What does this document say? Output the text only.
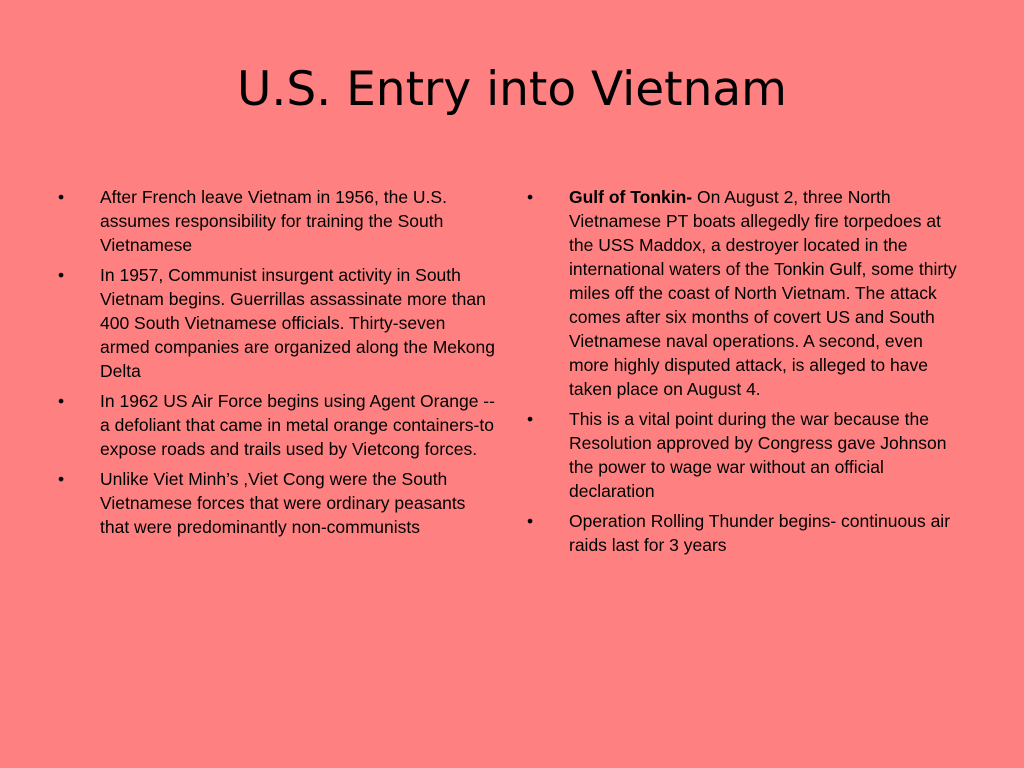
U.S. Entry into Vietnam
•	After French leave Vietnam in 1956, the U.S. assumes responsibility for training the South Vietnamese
•	In 1957, Communist insurgent activity in South Vietnam begins. Guerrillas assassinate more than 400 South Vietnamese officials. Thirty-seven armed companies are organized along the Mekong Delta
•	In 1962 US Air Force begins using Agent Orange -- a defoliant that came in metal orange containers-to expose roads and trails used by Vietcong forces.
•	Unlike Viet Minh’s ,Viet Cong were the South Vietnamese forces that were ordinary peasants that were predominantly non-communists
•	Gulf of Tonkin- On August 2, three North Vietnamese PT boats allegedly fire torpedoes at the USS Maddox, a destroyer located in the international waters of the Tonkin Gulf, some thirty miles off the coast of North Vietnam. The attack comes after six months of covert US and South Vietnamese naval operations. A second, even more highly disputed attack, is alleged to have taken place on August 4.
•	This is a vital point during the war because the Resolution approved by Congress gave Johnson the power to wage war without an official declaration
•	Operation Rolling Thunder begins- continuous air raids last for 3 years
